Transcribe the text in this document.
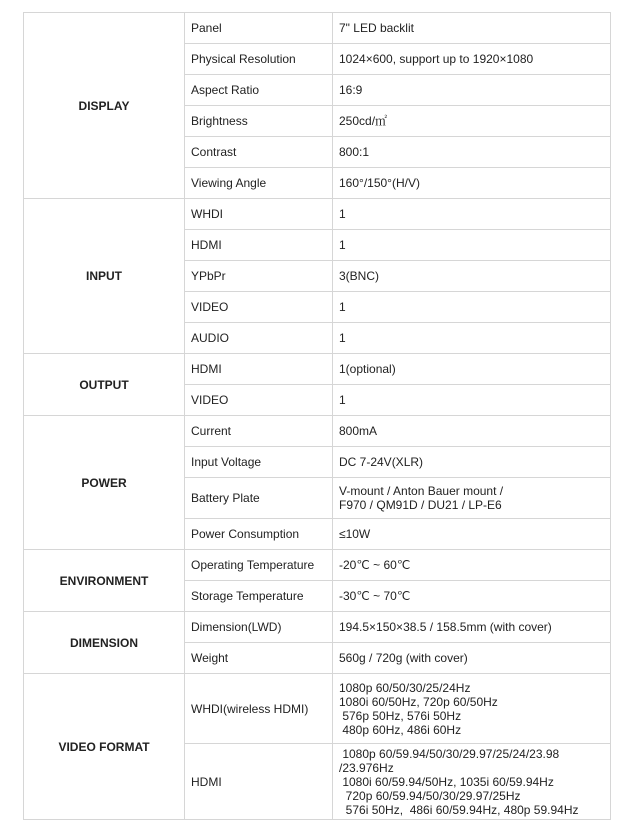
DISPLAY	Panel	7" LED backlit
	Physical Resolution	1024×600, support up to 1920×1080
	Aspect Ratio	16:9
	Brightness	250cd/㎡
	Contrast	800:1
	Viewing Angle	160°/150°(H/V)
INPUT	WHDI	1
	HDMI	1
	YPbPr	3(BNC)
	VIDEO	1
	AUDIO	1
OUTPUT	HDMI	1(optional)
	VIDEO	1
POWER	Current	800mA
	Input Voltage	DC 7-24V(XLR)
	Battery Plate	V-mount / Anton Bauer mount /
F970 / QM91D / DU21 / LP-E6
	Power Consumption	≤10W
ENVIRONMENT	Operating Temperature	-20℃ ~ 60℃
	Storage Temperature	-30℃ ~ 70℃
DIMENSION	Dimension(LWD)	194.5×150×38.5 / 158.5mm (with cover)
	Weight	560g / 720g (with cover)
VIDEO FORMAT	WHDI(wireless HDMI)	1080p 60/50/30/25/24Hz
1080i 60/50Hz, 720p 60/50Hz
576p 50Hz, 576i 50Hz
480p 60Hz, 486i 60Hz
	HDMI	1080p 60/59.94/50/30/29.97/25/24/23.98
/23.976Hz
1080i 60/59.94/50Hz, 1035i 60/59.94Hz
720p 60/59.94/50/30/29.97/25Hz
576i 50Hz,  486i 60/59.94Hz, 480p 59.94Hz
